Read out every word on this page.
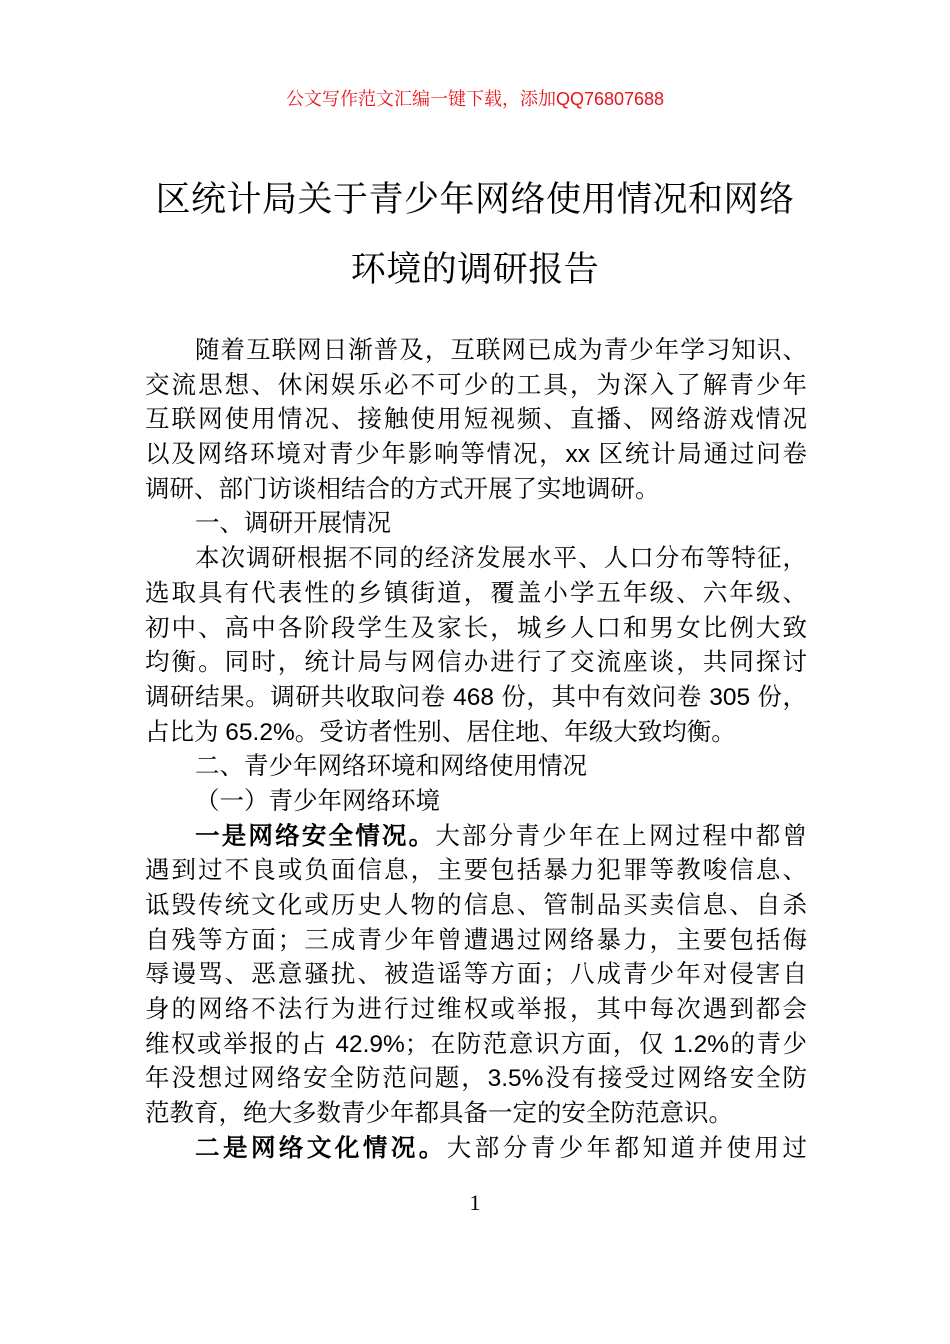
公文写作范文汇编一键下载，添加QQ76807688
区统计局关于青少年网络使用情况和网络
环境的调研报告
随着互联网日渐普及，互联网已成为青少年学习知识、
交流思想、休闲娱乐必不可少的工具，为深入了解青少年
互联网使用情况、接触使用短视频、直播、网络游戏情况
以及网络环境对青少年影响等情况，xx 区统计局通过问卷
调研、部门访谈相结合的方式开展了实地调研。
一、调研开展情况
本次调研根据不同的经济发展水平、人口分布等特征，
选取具有代表性的乡镇街道，覆盖小学五年级、六年级、
初中、高中各阶段学生及家长，城乡人口和男女比例大致
均衡。同时，统计局与网信办进行了交流座谈，共同探讨
调研结果。调研共收取问卷 468 份，其中有效问卷 305 份，
占比为 65.2%。受访者性别、居住地、年级大致均衡。
二、青少年网络环境和网络使用情况
（一）青少年网络环境
一是网络安全情况。大部分青少年在上网过程中都曾
遇到过不良或负面信息，主要包括暴力犯罪等教唆信息、
诋毁传统文化或历史人物的信息、管制品买卖信息、自杀
自残等方面；三成青少年曾遭遇过网络暴力，主要包括侮
辱谩骂、恶意骚扰、被造谣等方面；八成青少年对侵害自
身的网络不法行为进行过维权或举报，其中每次遇到都会
维权或举报的占 42.9%；在防范意识方面，仅 1.2%的青少
年没想过网络安全防范问题，3.5%没有接受过网络安全防
范教育，绝大多数青少年都具备一定的安全防范意识。
二是网络文化情况。大部分青少年都知道并使用过
1
